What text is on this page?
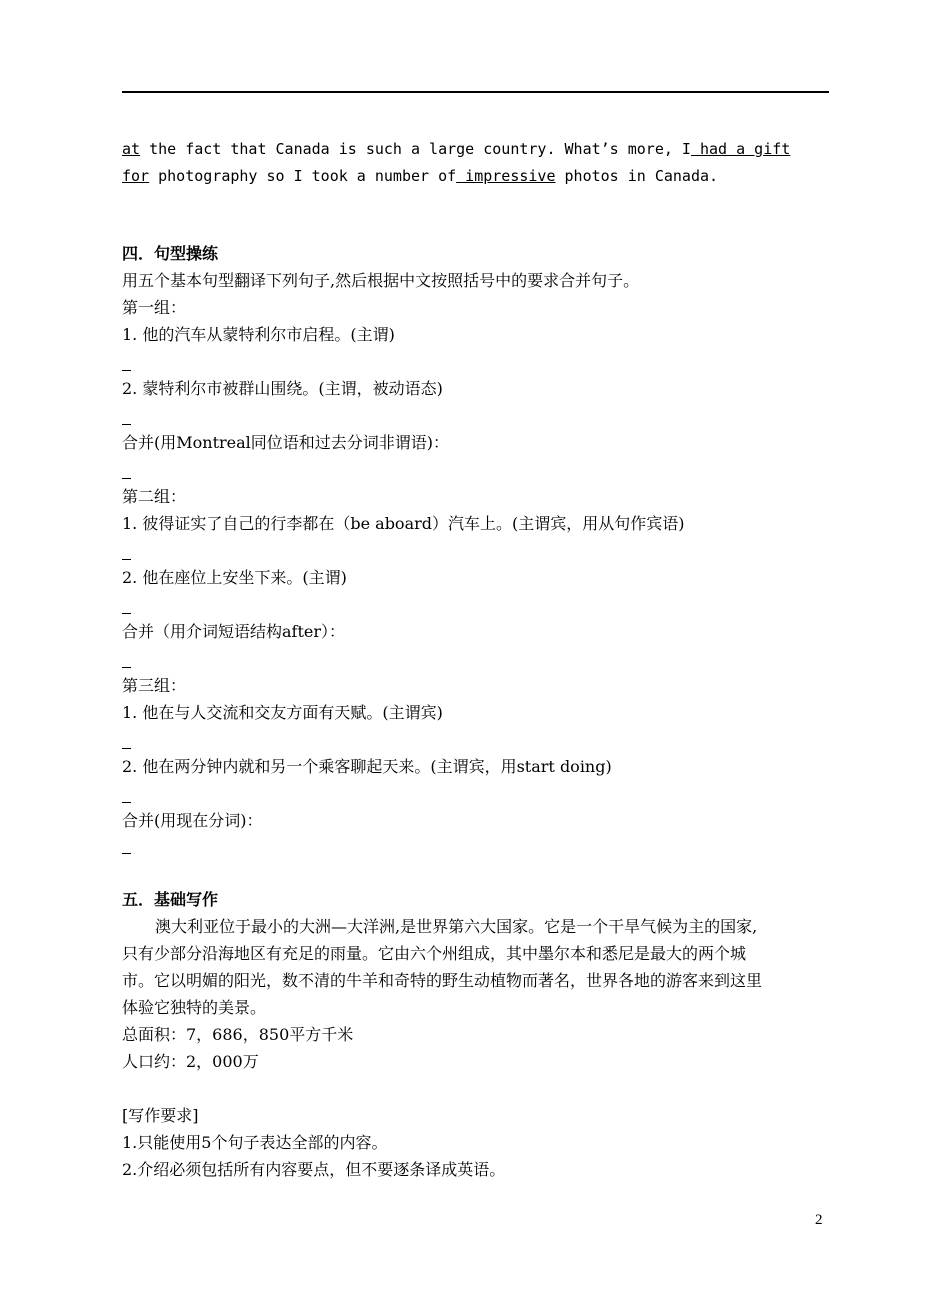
at the fact that Canada is such a large country. What’s more, I had a gift
for photography so I took a number of impressive photos in Canada.
四．句型操练
用五个基本句型翻译下列句子,然后根据中文按照括号中的要求合并句子。
第一组：
1. 他的汽车从蒙特利尔市启程。(主谓)
2. 蒙特利尔市被群山围绕。(主谓，被动语态)
合并(用Montreal同位语和过去分词非谓语)：
第二组：
1. 彼得证实了自己的行李都在（be aboard）汽车上。(主谓宾，用从句作宾语)
2. 他在座位上安坐下来。(主谓)
合并（用介词短语结构after）：
第三组：
1. 他在与人交流和交友方面有天赋。(主谓宾)
2. 他在两分钟内就和另一个乘客聊起天来。(主谓宾，用start doing)
合并(用现在分词)：
五．基础写作
澳大利亚位于最小的大洲—大洋洲,是世界第六大国家。它是一个干旱气候为主的国家,
只有少部分沿海地区有充足的雨量。它由六个州组成，其中墨尔本和悉尼是最大的两个城
市。它以明媚的阳光，数不清的牛羊和奇特的野生动植物而著名，世界各地的游客来到这里
体验它独特的美景。
总面积：7，686，850平方千米
人口约：2，000万
[写作要求]
1.只能使用5个句子表达全部的内容。
2.介绍必须包括所有内容要点，但不要逐条译成英语。
2
